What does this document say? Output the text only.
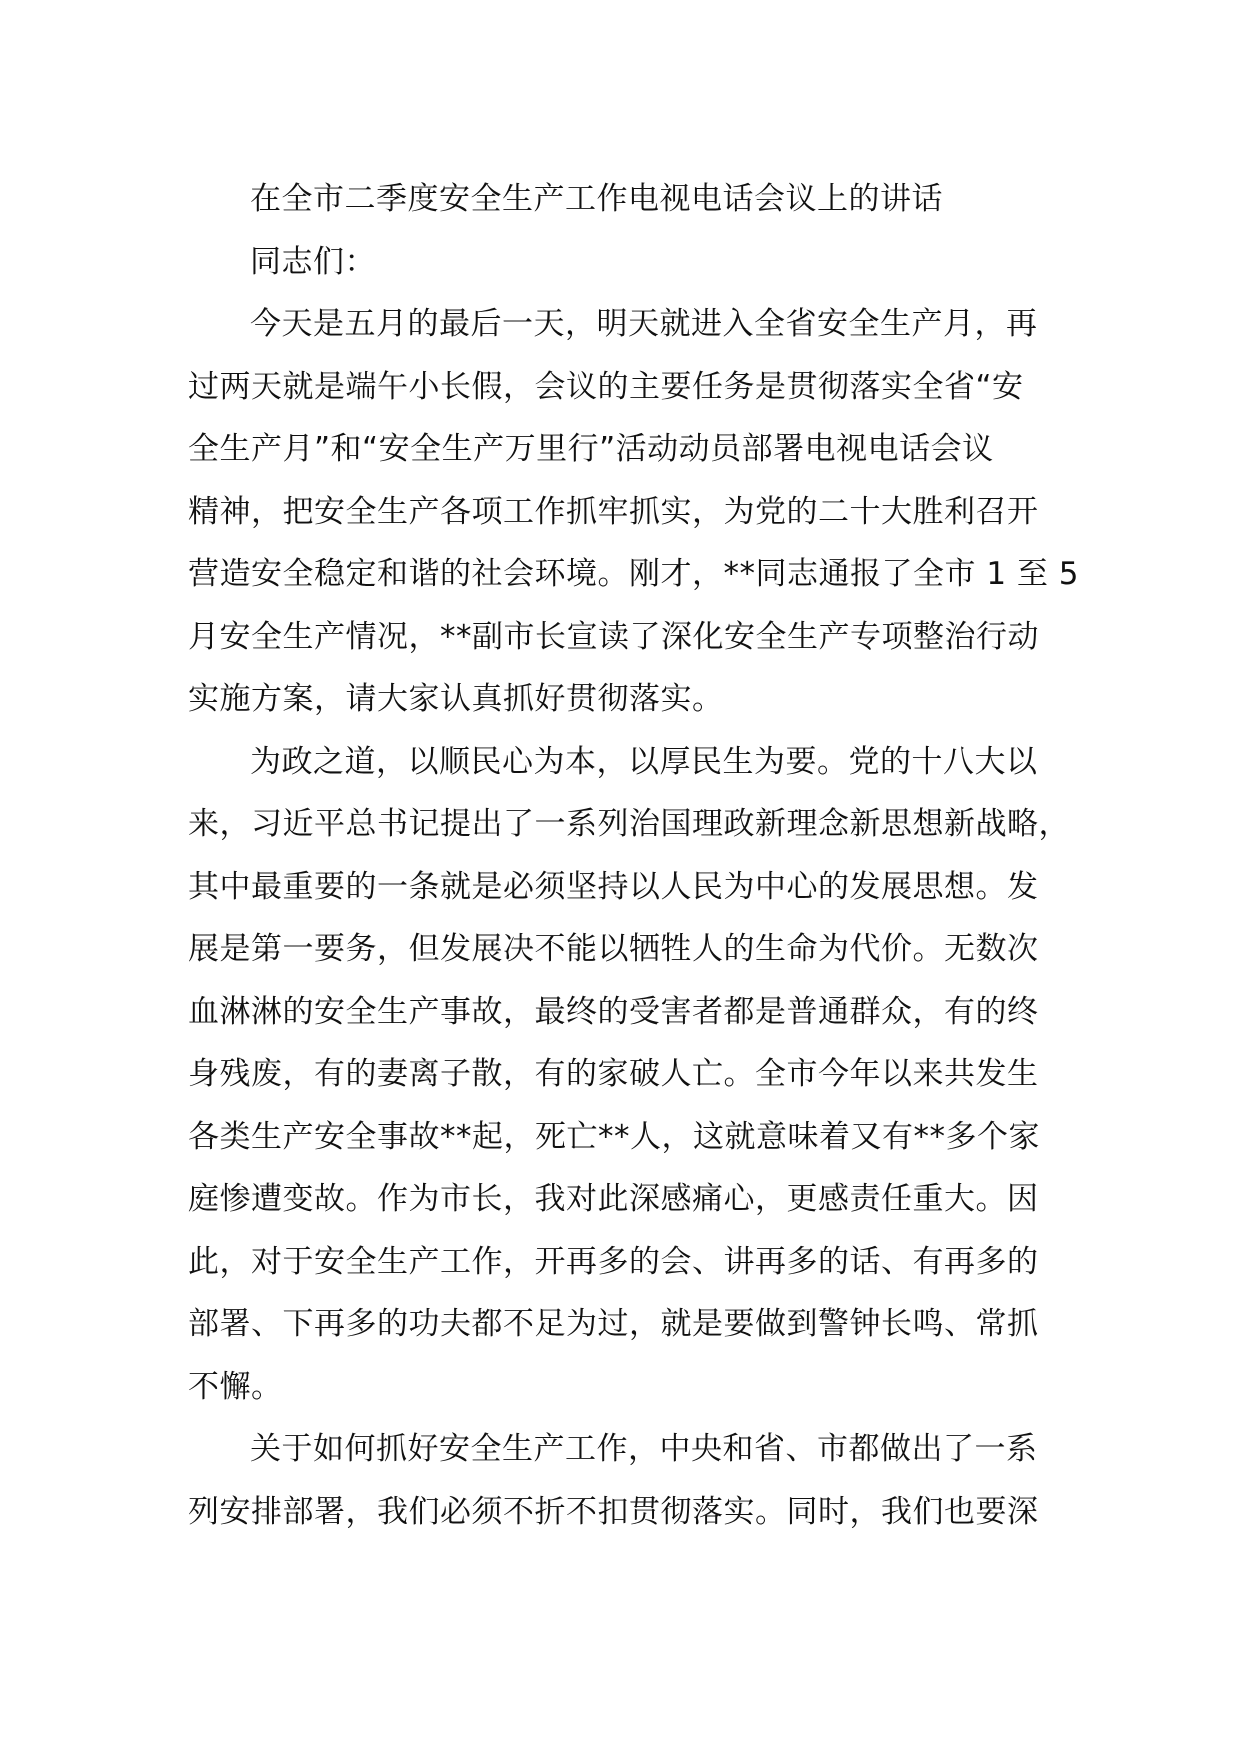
在全市二季度安全生产工作电视电话会议上的讲话
同志们：
今天是五月的最后一天，明天就进入全省安全生产月，再
过两天就是端午小长假，会议的主要任务是贯彻落实全省“安
全生产月”和“安全生产万里行”活动动员部署电视电话会议
精神，把安全生产各项工作抓牢抓实，为党的二十大胜利召开
营造安全稳定和谐的社会环境。刚才，**同志通报了全市 1 至 5
月安全生产情况，**副市长宣读了深化安全生产专项整治行动
实施方案，请大家认真抓好贯彻落实。
为政之道，以顺民心为本，以厚民生为要。党的十八大以
来，习近平总书记提出了一系列治国理政新理念新思想新战略，
其中最重要的一条就是必须坚持以人民为中心的发展思想。发
展是第一要务，但发展决不能以牺牲人的生命为代价。无数次
血淋淋的安全生产事故，最终的受害者都是普通群众，有的终
身残废，有的妻离子散，有的家破人亡。全市今年以来共发生
各类生产安全事故**起，死亡**人，这就意味着又有**多个家
庭惨遭变故。作为市长，我对此深感痛心，更感责任重大。因
此，对于安全生产工作，开再多的会、讲再多的话、有再多的
部署、下再多的功夫都不足为过，就是要做到警钟长鸣、常抓
不懈。
关于如何抓好安全生产工作，中央和省、市都做出了一系
列安排部署，我们必须不折不扣贯彻落实。同时，我们也要深
